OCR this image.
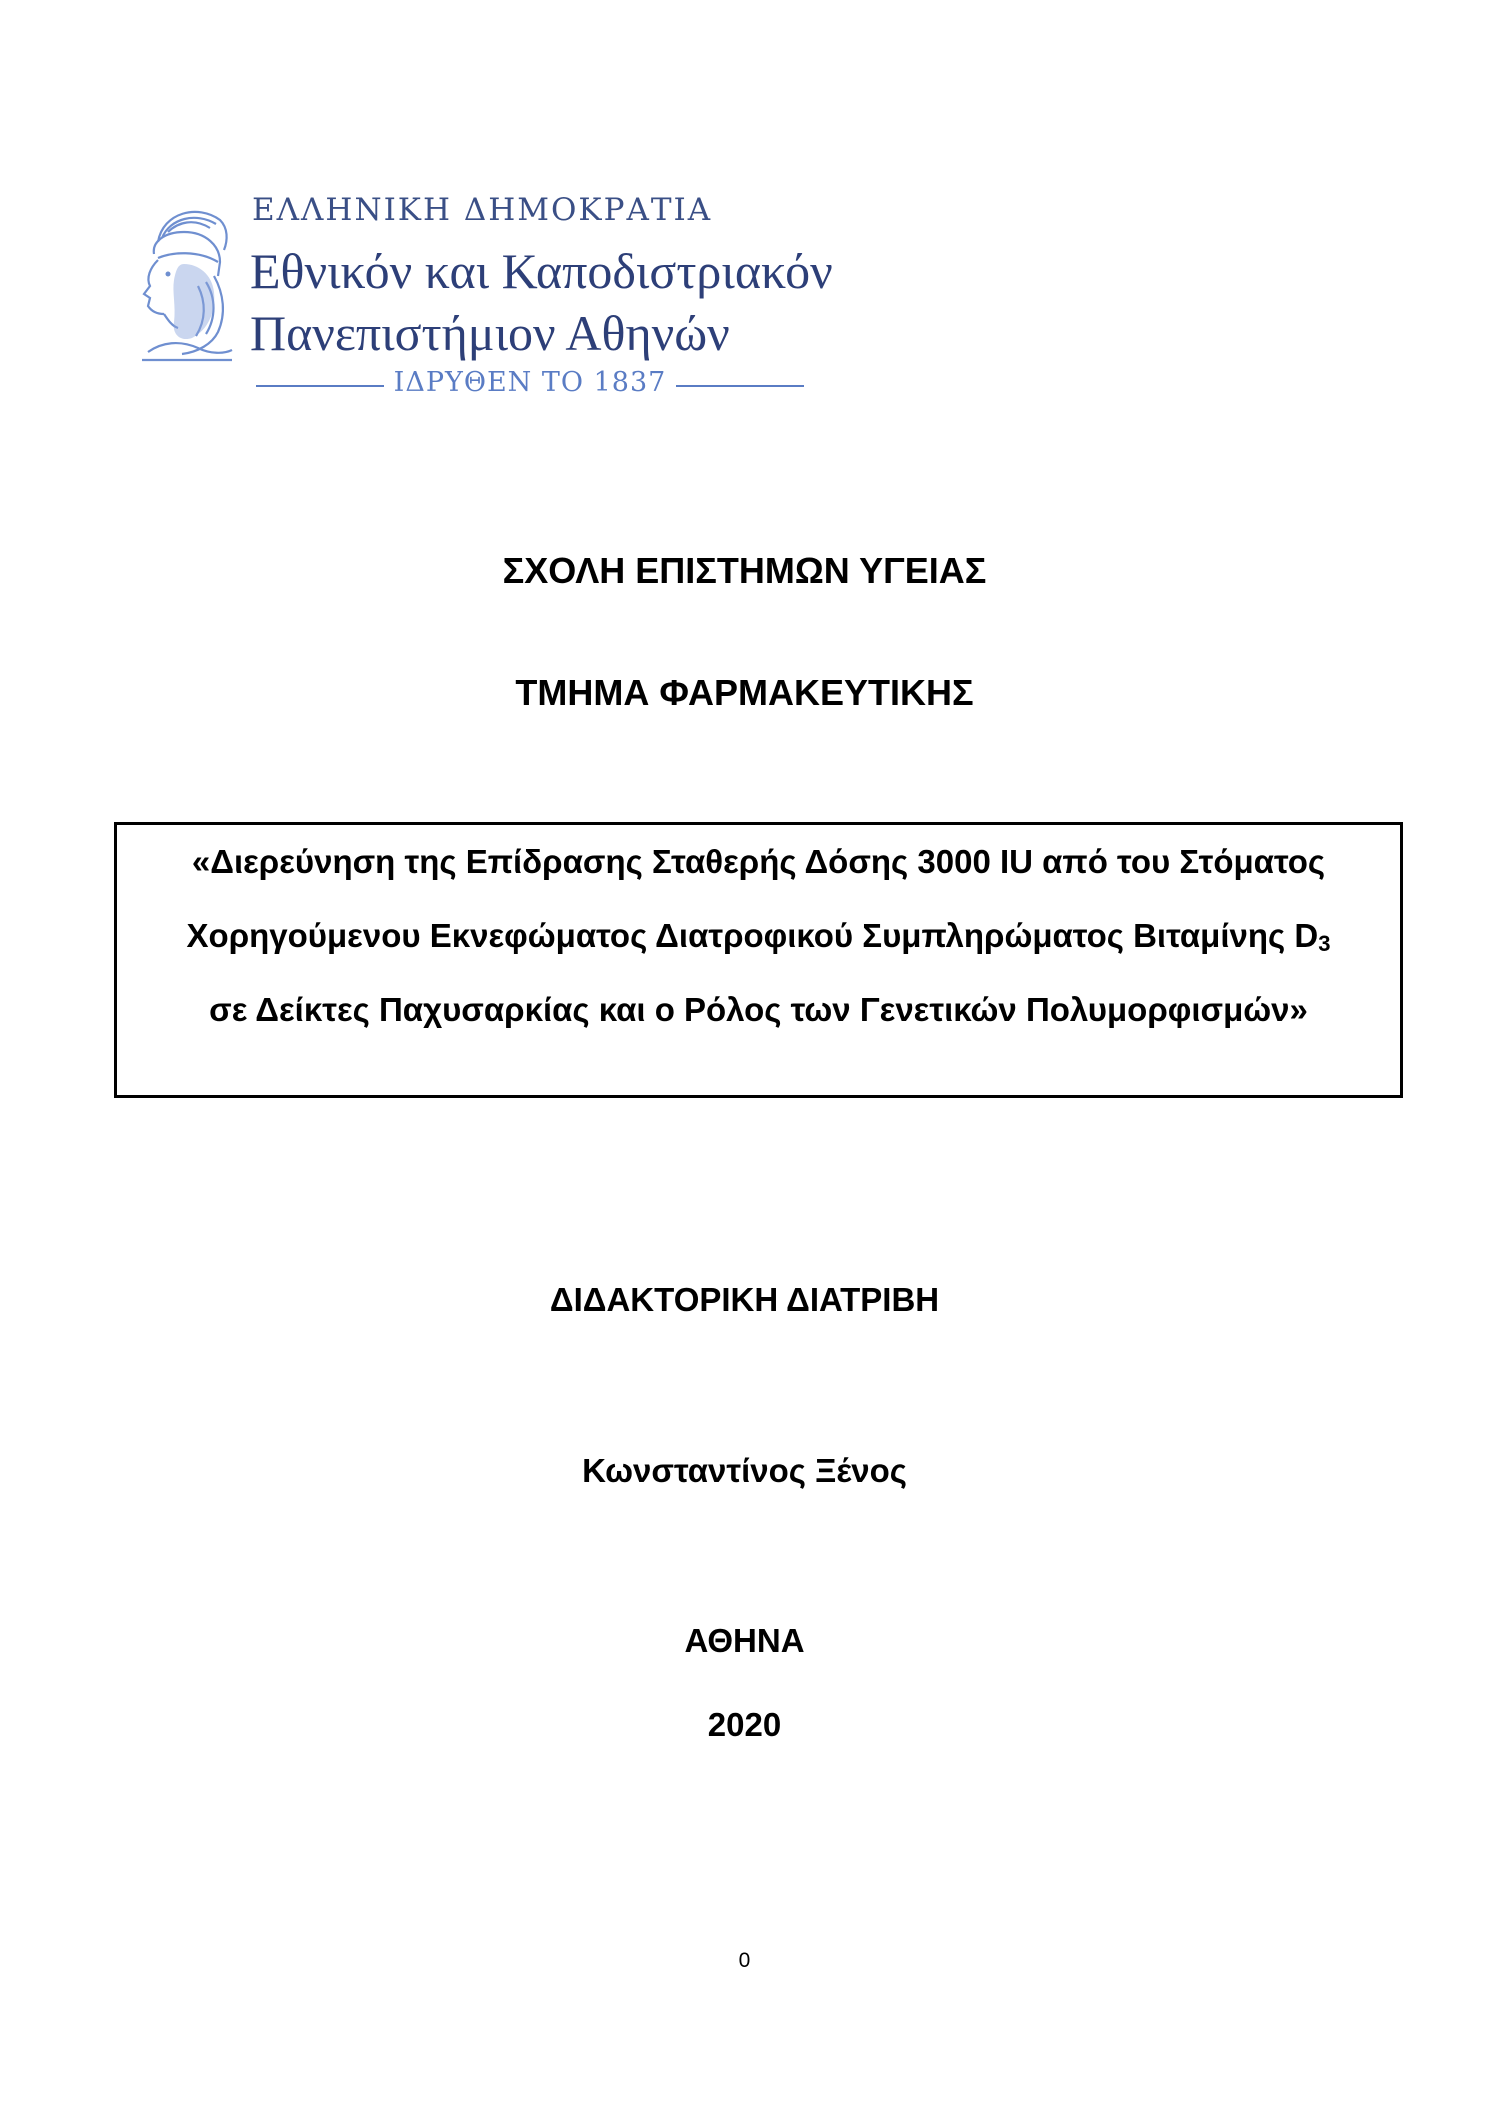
ΕΛΛΗΝΙΚΗ ΔΗΜΟΚΡΑΤΙΑ
Εθνικόν και Καποδιστριακόν
Πανεπιστήμιον Αθηνών
ΙΔΡΥΘΕΝ ΤΟ 1837
ΣΧΟΛΗ ΕΠΙΣΤΗΜΩΝ ΥΓΕΙΑΣ
ΤΜΗΜΑ ΦΑΡΜΑΚΕΥΤΙΚΗΣ
«Διερεύνηση της Επίδρασης Σταθερής Δόσης 3000 IU από του Στόματος
Χορηγούμενου Εκνεφώματος Διατροφικού Συμπληρώματος Βιταμίνης $D_3$
σε Δείκτες Παχυσαρκίας και ο Ρόλος των Γενετικών Πολυμορφισμών»
ΔΙΔΑΚΤΟΡΙΚΗ ΔΙΑΤΡΙΒΗ
Κωνσταντίνος Ξένος
ΑΘΗΝΑ
2020
0
